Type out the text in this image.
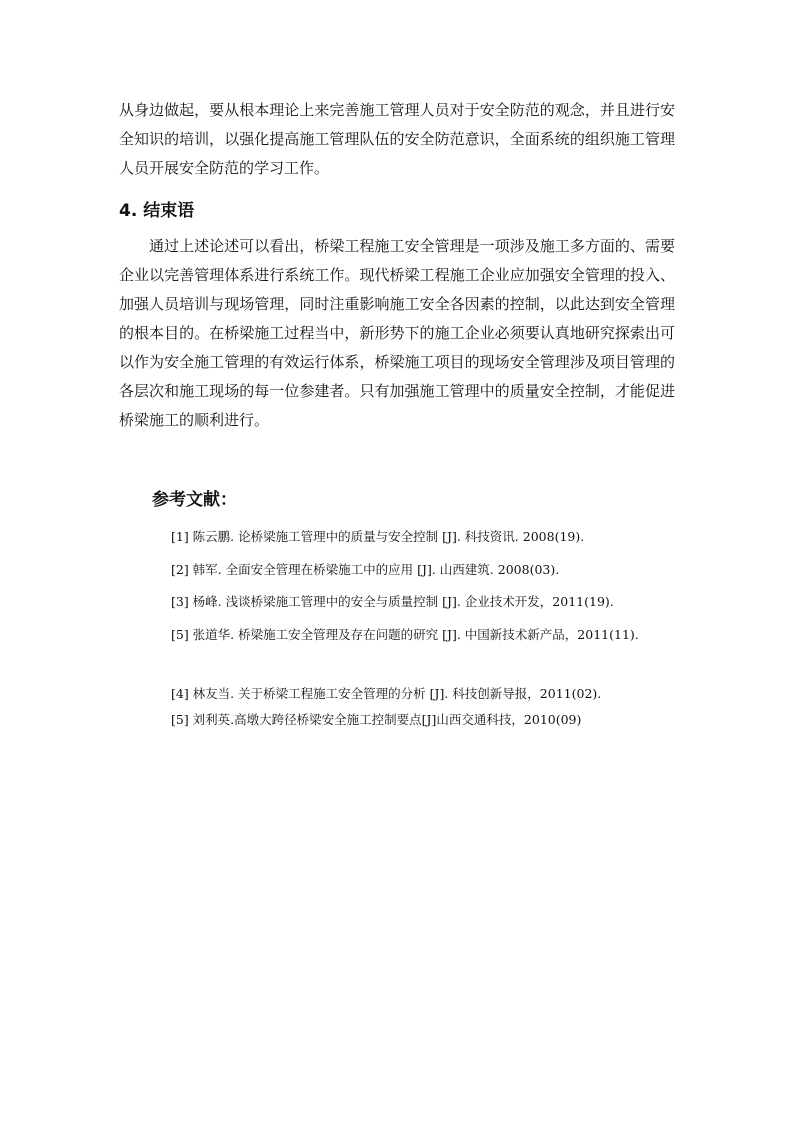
从身边做起，要从根本理论上来完善施工管理人员对于安全防范的观念，并且进行安全知识的培训，以强化提高施工管理队伍的安全防范意识，全面系统的组织施工管理人员开展安全防范的学习工作。

4. 结束语

通过上述论述可以看出，桥梁工程施工安全管理是一项涉及施工多方面的、需要企业以完善管理体系进行系统工作。现代桥梁工程施工企业应加强安全管理的投入、加强人员培训与现场管理，同时注重影响施工安全各因素的控制，以此达到安全管理的根本目的。在桥梁施工过程当中，新形势下的施工企业必须要认真地研究探索出可以作为安全施工管理的有效运行体系，桥梁施工项目的现场安全管理涉及项目管理的各层次和施工现场的每一位参建者。只有加强施工管理中的质量安全控制，才能促进桥梁施工的顺利进行。

参考文献：

[1] 陈云鹏. 论桥梁施工管理中的质量与安全控制 [J]. 科技资讯. 2008(19).

[2] 韩军. 全面安全管理在桥梁施工中的应用 [J]. 山西建筑. 2008(03).

[3] 杨峰. 浅谈桥梁施工管理中的安全与质量控制 [J]. 企业技术开发，2011(19).

[5] 张道华. 桥梁施工安全管理及存在问题的研究 [J]. 中国新技术新产品，2011(11).

[4] 林友当. 关于桥梁工程施工安全管理的分析 [J]. 科技创新导报，2011(02).

[5] 刘利英.高墩大跨径桥梁安全施工控制要点[J]山西交通科技，2010(09)
